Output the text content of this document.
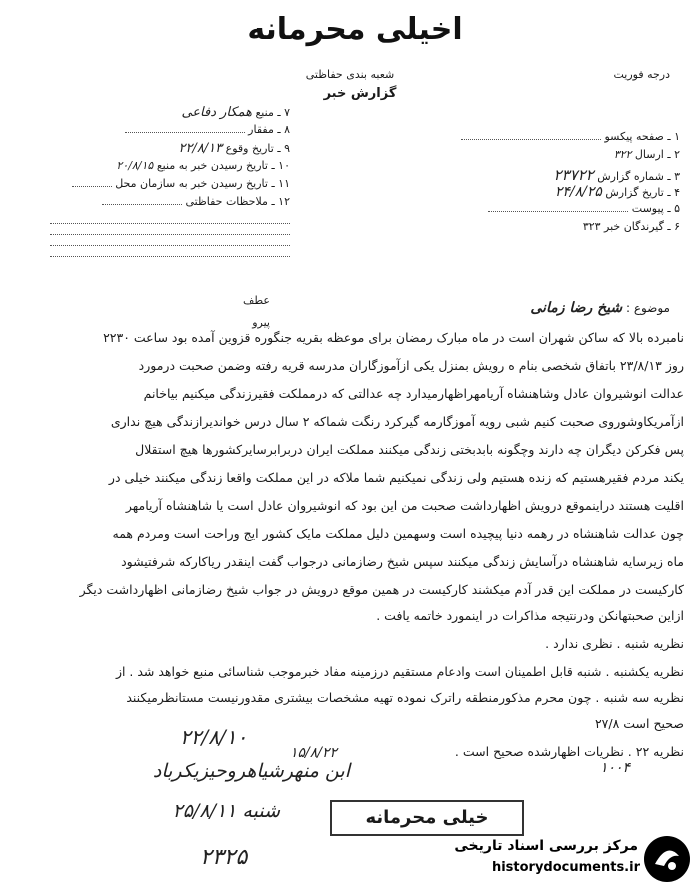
اخیلی محرمانه
شعبه بندی حفاظتی
گزارش خبر
درجه فوریت
۷ ـ منبع همکار دفاعی
۸ ـ مفقار
۹ ـ تاریخ وقوع ۲۲/۸/۱۳
۱۰ ـ تاریخ رسیدن خبر به منبع ۲۰/۸/۱۵
۱۱ ـ تاریخ رسیدن خبر به سازمان محل
۱۲ ـ ملاحظات حفاظتی
۱ ـ صفحه پیکسو
۲ ـ ارسال ۳۲۲
۳ ـ شماره گزارش ۲۳۷۲۲
۴ ـ تاریخ گزارش ۲۴/۸/۲۵
۵ ـ پیوست
۶ ـ گیرندگان خبر ۳۲۳
عطف
پیرو
موضوع : شیخ رضا زمانی
نامبرده بالا که ساکن شهران است در ماه مبارک رمضان برای موعظه بقریه جنگوره قزوین آمده بود ساعت ۲۲۳۰
روز ۲۳/۸/۱۳ باتفاق شخصی بنام ه رویش بمنزل یکی ازآموزگاران مدرسه قریه رفته وضمن صحبت درمورد
عدالت انوشیروان عادل وشاهنشاه آریامهراظهارمیدارد چه عدالتی که درمملکت فقیرزندگی میکنیم بیاخانم
ازآمریکاوشوروی صحبت کنیم شبی رویه آموزگارمه گیرکرد رنگت شماکه ۲ سال درس خواندیرازندگی هیچ نداری
پس فکرکن دیگران چه دارند وچگونه بابدبختی زندگی میکنند مملکت ایران دربرابرسایرکشورها هیچ استقلال
یکند مردم فقیرهستیم که زنده هستیم ولی زندگی نمیکنیم شما ملاکه در این مملکت واقعا زندگی میکنند خیلی در
اقلیت هستند دراینموقع درویش اظهارداشت صحبت من این بود که انوشیروان عادل است یا شاهنشاه آریامهر
چون عدالت شاهنشاه در رهمه دنیا پیچیده است وسهمین دلیل مملکت مایک کشور ایج وراحت است ومردم همه
ماه زیرسایه شاهنشاه درآسایش زندگی میکنند سپس شیخ رضازمانی درجواب گفت اینقدر ریاکارکه شرفتیشود
کارکیست در مملکت این قدر آدم میکشند کارکیست در همین موقع درویش در جواب شیخ رضازمانی اظهارداشت دیگر
ازاین صحبتهانکن ودرنتیجه مذاکرات در اینمورد خاتمه یافت .
نظریه شنبه . نظری ندارد .
نظریه یکشنبه . شنبه قابل اطمینان است وادعام مستقیم درزمینه مفاد خبرموجب شناسائی منبع خواهد شد . از
نظریه سه شنبه . چون محرم مذکورمنطقه راترک نموده تهیه مشخصات بیشتری مقدورنیست مستانظرمیکنند
صحیح است ۲۷/۸
نظریه ۲۲ . نظریات اظهارشده صحیح است .
۲۲/۸/۱۰
ابن منهرشیاهروحیزیکرباد
شنبه ۲۵/۸/۱۱
۱۵/۸/۲۲
۱۰۰۴
خیلی محرمانه
۲۳۲۵	مرکز بررسی اسناد تاریخی
historydocuments.ir
